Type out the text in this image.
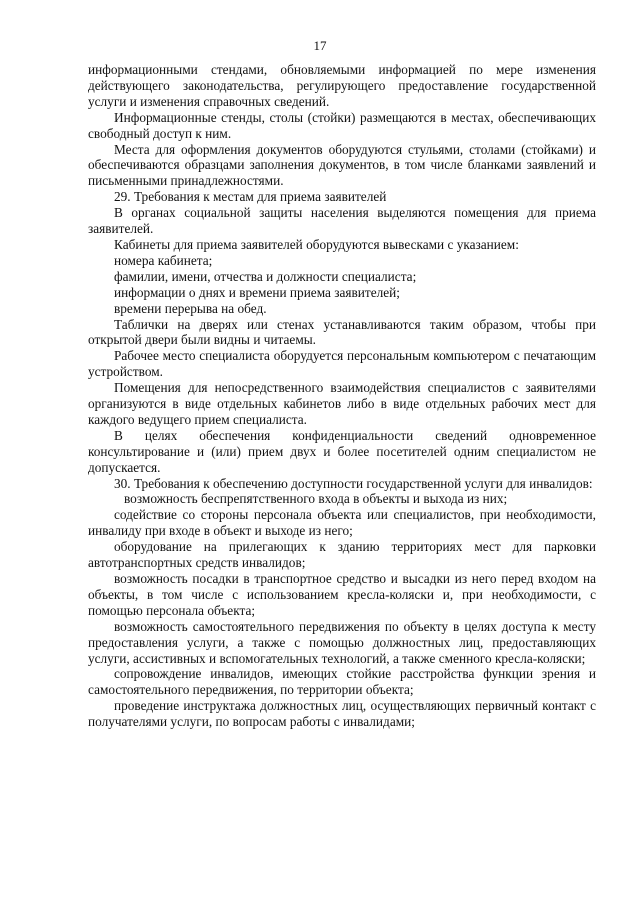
17

информационными стендами, обновляемыми информацией по мере изменения действующего законодательства, регулирующего предоставление государственной услуги и изменения справочных сведений.

Информационные стенды, столы (стойки) размещаются в местах, обеспечивающих свободный доступ к ним.

Места для оформления документов оборудуются стульями, столами (стойками) и обеспечиваются образцами заполнения документов, в том числе бланками заявлений и письменными принадлежностями.

29. Требования к местам для приема заявителей

В органах социальной защиты населения выделяются помещения для приема заявителей.

Кабинеты для приема заявителей оборудуются вывесками с указанием:

номера кабинета;

фамилии, имени, отчества и должности специалиста;

информации о днях и времени приема заявителей;

времени перерыва на обед.

Таблички на дверях или стенах устанавливаются таким образом, чтобы при открытой двери были видны и читаемы.

Рабочее место специалиста оборудуется персональным компьютером с печатающим устройством.

Помещения для непосредственного взаимодействия специалистов с заявителями организуются в виде отдельных кабинетов либо в виде отдельных рабочих мест для каждого ведущего прием специалиста.

В целях обеспечения конфиденциальности сведений одновременное консультирование и (или) прием двух и более посетителей одним специалистом не допускается.

30. Требования к обеспечению доступности государственной услуги для инвалидов:

возможность беспрепятственного входа в объекты и выхода из них;

содействие со стороны персонала объекта или специалистов, при необходимости, инвалиду при входе в объект и выходе из него;

оборудование на прилегающих к зданию территориях мест для парковки автотранспортных средств инвалидов;

возможность посадки в транспортное средство и высадки из него перед входом на объекты, в том числе с использованием кресла-коляски и, при необходимости, с помощью персонала объекта;

возможность самостоятельного передвижения по объекту в целях доступа к месту предоставления услуги, а также с помощью должностных лиц, предоставляющих услуги, ассистивных и вспомогательных технологий, а также сменного кресла-коляски;

сопровождение инвалидов, имеющих стойкие расстройства функции зрения и самостоятельного передвижения, по территории объекта;

проведение инструктажа должностных лиц, осуществляющих первичный контакт с получателями услуги, по вопросам работы с инвалидами;
